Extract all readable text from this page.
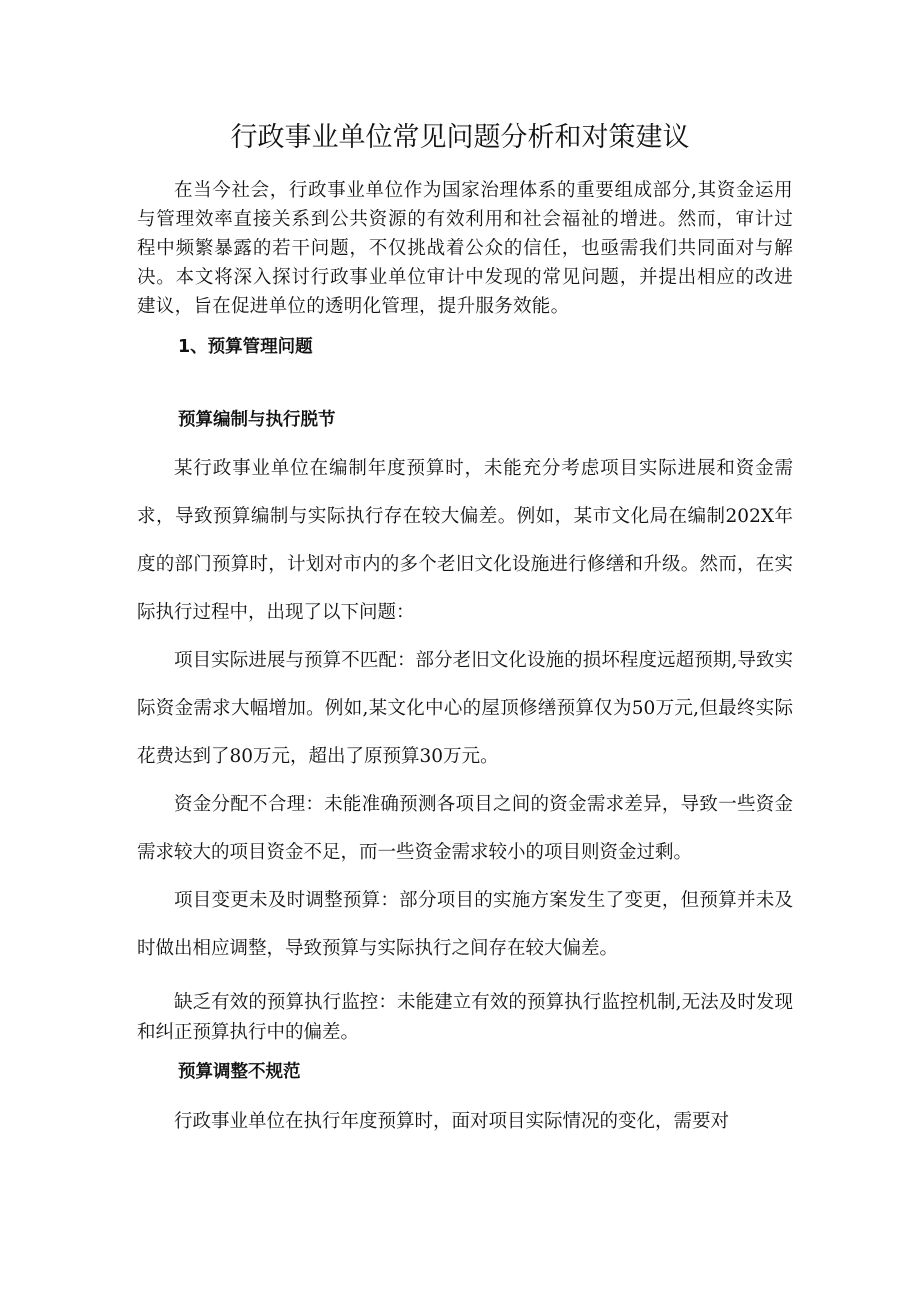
行政事业单位常见问题分析和对策建议

在当今社会，行政事业单位作为国家治理体系的重要组成部分,其资金运用与管理效率直接关系到公共资源的有效利用和社会福祉的增进。然而，审计过程中频繁暴露的若干问题，不仅挑战着公众的信任，也亟需我们共同面对与解决。本文将深入探讨行政事业单位审计中发现的常见问题，并提出相应的改进建议，旨在促进单位的透明化管理，提升服务效能。

1、预算管理问题
预算编制与执行脱节

某行政事业单位在编制年度预算时，未能充分考虑项目实际进展和资金需求，导致预算编制与实际执行存在较大偏差。例如，某市文化局在编制202X年度的部门预算时，计划对市内的多个老旧文化设施进行修缮和升级。然而，在实际执行过程中，出现了以下问题：

项目实际进展与预算不匹配：部分老旧文化设施的损坏程度远超预期,导致实际资金需求大幅增加。例如,某文化中心的屋顶修缮预算仅为50万元,但最终实际花费达到了80万元，超出了原预算30万元。

资金分配不合理：未能准确预测各项目之间的资金需求差异，导致一些资金需求较大的项目资金不足，而一些资金需求较小的项目则资金过剩。

项目变更未及时调整预算：部分项目的实施方案发生了变更，但预算并未及时做出相应调整，导致预算与实际执行之间存在较大偏差。

缺乏有效的预算执行监控：未能建立有效的预算执行监控机制,无法及时发现和纠正预算执行中的偏差。

预算调整不规范

行政事业单位在执行年度预算时，面对项目实际情况的变化，需要对
